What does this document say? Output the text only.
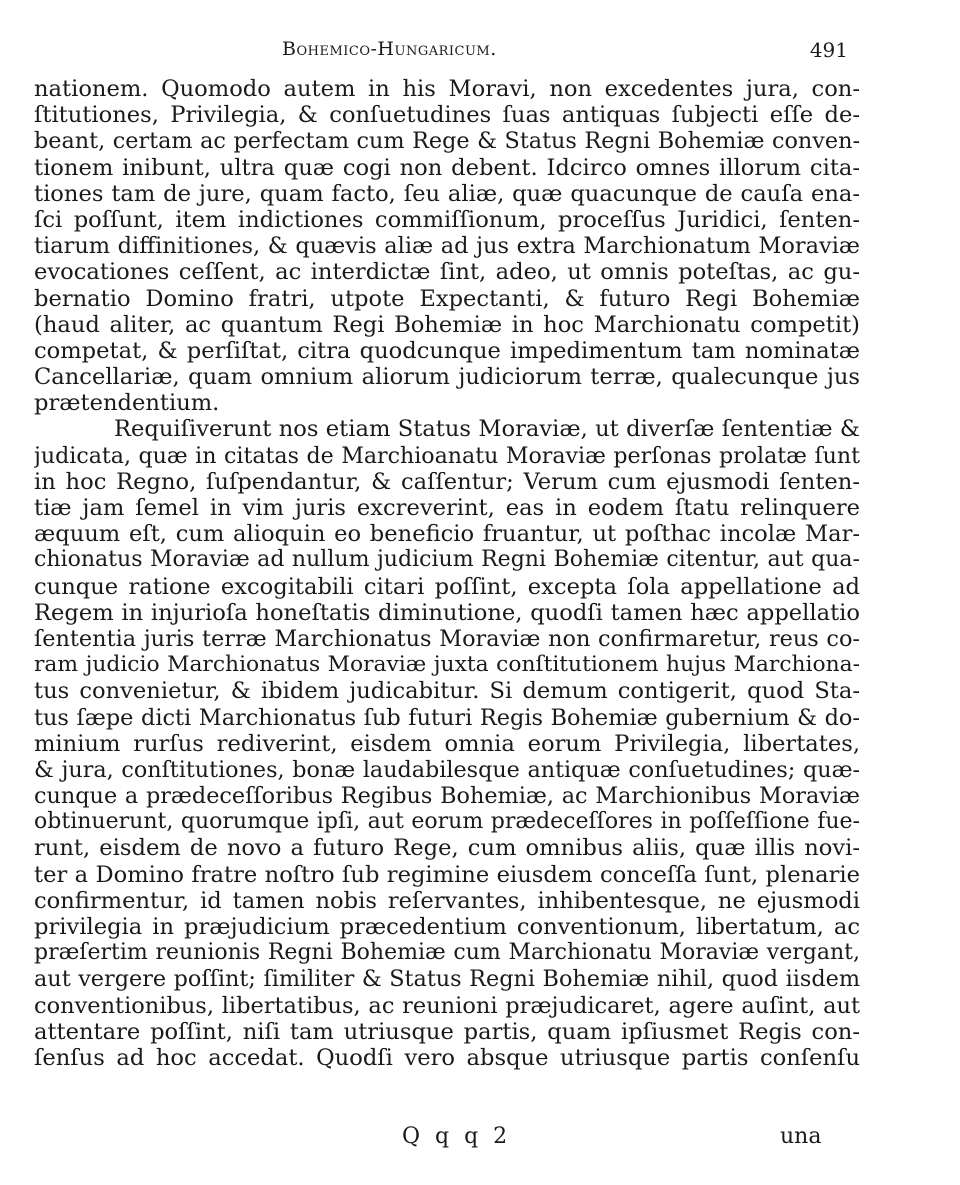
Bohemico-Hungaricum.	491
nationem. Quomodo autem in his Moravi, non excedentes jura, con-
ſtitutiones, Privilegia, & conſuetudines ſuas antiquas ſubjecti eſſe de-
beant, certam ac perfectam cum Rege & Status Regni Bohemiæ conven-
tionem inibunt, ultra quæ cogi non debent. Idcirco omnes illorum cita-
tiones tam de jure, quam facto, ſeu aliæ, quæ quacunque de cauſa ena-
ſci poſſunt, item indictiones commiſſionum, proceſſus Juridici, ſenten-
tiarum diffinitiones, & quævis aliæ ad jus extra Marchionatum Moraviæ
evocationes ceſſent, ac interdictæ ſint, adeo, ut omnis poteſtas, ac gu-
bernatio Domino fratri, utpote Expectanti, & futuro Regi Bohemiæ
(haud aliter, ac quantum Regi Bohemiæ in hoc Marchionatu competit)
competat, & perſiſtat, citra quodcunque impedimentum tam nominatæ
Cancellariæ, quam omnium aliorum judiciorum terræ, qualecunque jus
prætendentium.
Requiſiverunt nos etiam Status Moraviæ, ut diverſæ ſententiæ &
judicata, quæ in citatas de Marchioanatu Moraviæ perſonas prolatæ ſunt
in hoc Regno, ſuſpendantur, & caſſentur; Verum cum ejusmodi ſenten-
tiæ jam ſemel in vim juris excreverint, eas in eodem ſtatu relinquere
æquum eſt, cum alioquin eo beneficio fruantur, ut poſthac incolæ Mar-
chionatus Moraviæ ad nullum judicium Regni Bohemiæ citentur, aut qua-
cunque ratione excogitabili citari poſſint, excepta ſola appellatione ad
Regem in injurioſa honeſtatis diminutione, quodſi tamen hæc appellatio
ſententia juris terræ Marchionatus Moraviæ non confirmaretur, reus co-
ram judicio Marchionatus Moraviæ juxta conſtitutionem hujus Marchiona-
tus convenietur, & ibidem judicabitur. Si demum contigerit, quod Sta-
tus ſæpe dicti Marchionatus ſub futuri Regis Bohemiæ gubernium & do-
minium rurſus rediverint, eisdem omnia eorum Privilegia, libertates,
& jura, conſtitutiones, bonæ laudabilesque antiquæ conſuetudines; quæ-
cunque a prædeceſſoribus Regibus Bohemiæ, ac Marchionibus Moraviæ
obtinuerunt, quorumque ipſi, aut eorum prædeceſſores in poſſeſſione fue-
runt, eisdem de novo a futuro Rege, cum omnibus aliis, quæ illis novi-
ter a Domino fratre noſtro ſub regimine eiusdem conceſſa ſunt, plenarie
confirmentur, id tamen nobis reſervantes, inhibentesque, ne ejusmodi
privilegia in præjudicium præcedentium conventionum, libertatum, ac
præſertim reunionis Regni Bohemiæ cum Marchionatu Moraviæ vergant,
aut vergere poſſint; ſimiliter & Status Regni Bohemiæ nihil, quod iisdem
conventionibus, libertatibus, ac reunioni præjudicaret, agere auſint, aut
attentare poſſint, niſi tam utriusque partis, quam ipſiusmet Regis con-
ſenſus ad hoc accedat. Quodſi vero absque utriusque partis conſenſu
Q q q 2	una
